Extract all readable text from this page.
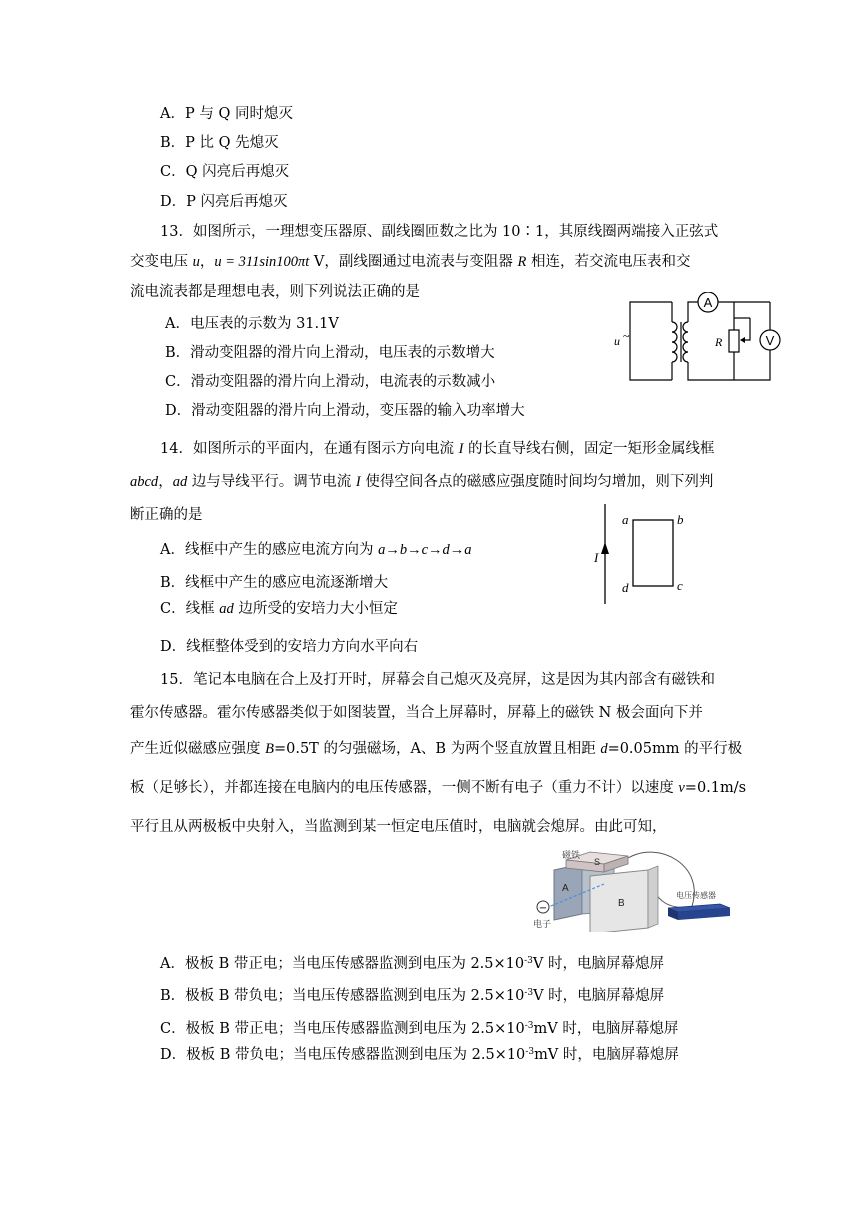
A．P 与 Q 同时熄灭
B．P 比 Q 先熄灭
C．Q 闪亮后再熄灭
D．P 闪亮后再熄灭
13．如图所示，一理想变压器原、副线圈匝数之比为 10∶1，其原线圈两端接入正弦式
交变电压 u，u = 311sin100πt V，副线圈通过电流表与变阻器 R 相连，若交流电压表和交
流电流表都是理想电表，则下列说法正确的是
A．电压表的示数为 31.1V
B．滑动变阻器的滑片向上滑动，电压表的示数增大
C．滑动变阻器的滑片向上滑动，电流表的示数减小
D．滑动变阻器的滑片向上滑动，变压器的输入功率增大
A
V
u ~	R
14．如图所示的平面内，在通有图示方向电流 I 的长直导线右侧，固定一矩形金属线框
abcd，ad 边与导线平行。调节电流 I 使得空间各点的磁感应强度随时间均匀增加，则下列判
断正确的是
A．线框中产生的感应电流方向为 a→b→c→d→a
B．线框中产生的感应电流逐渐增大
C．线框 ad 边所受的安培力大小恒定
D．线框整体受到的安培力方向水平向右
I
a	b
c
d
15．笔记本电脑在合上及打开时，屏幕会自己熄灭及亮屏，这是因为其内部含有磁铁和
霍尔传感器。霍尔传感器类似于如图装置，当合上屏幕时，屏幕上的磁铁 N 极会面向下并
产生近似磁感应强度 B=0.5T 的匀强磁场，A、B 为两个竖直放置且相距 d=0.05mm 的平行极
板（足够长），并都连接在电脑内的电压传感器，一侧不断有电子（重力不计）以速度 v=0.1m/s
平行且从两极板中央射入，当监测到某一恒定电压值时，电脑就会熄屏。由此可知，
−
磁铁
S
A
B
电子
电压传感器
A．极板 B 带正电；当电压传感器监测到电压为 $2.5\times 10^{-3}V$ 时，电脑屏幕熄屏
B．极板 B 带负电；当电压传感器监测到电压为 $2.5\times 10^{-3}V$ 时，电脑屏幕熄屏
C．极板 B 带正电；当电压传感器监测到电压为 $2.5\times 10^{-3}mV$ 时，电脑屏幕熄屏
D．极板 B 带负电；当电压传感器监测到电压为 $2.5\times 10^{-3}mV$ 时，电脑屏幕熄屏
